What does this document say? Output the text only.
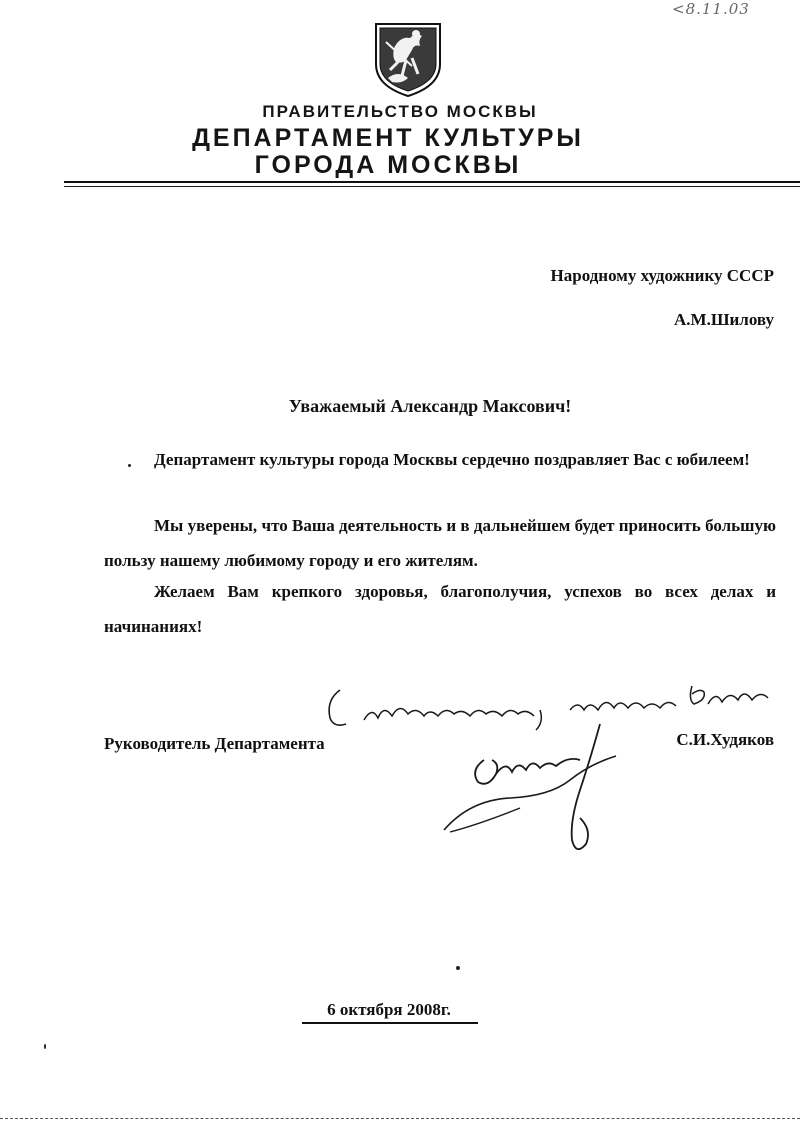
<8.11.03
ПРАВИТЕЛЬСТВО МОСКВЫ
ДЕПАРТАМЕНТ КУЛЬТУРЫ
ГОРОДА МОСКВЫ
Народному художнику СССР
А.М.Шилову
Уважаемый Александр Максович!
Департамент культуры города Москвы сердечно поздравляет Вас с юбилеем!
Мы уверены, что Ваша деятельность и в дальнейшем будет приносить большую пользу нашему любимому городу и его жителям.
Желаем Вам крепкого здоровья, благополучия, успехов во всех делах и начинаниях!
Руководитель Департамента	С.И.Худяков
6 октября 2008г.
